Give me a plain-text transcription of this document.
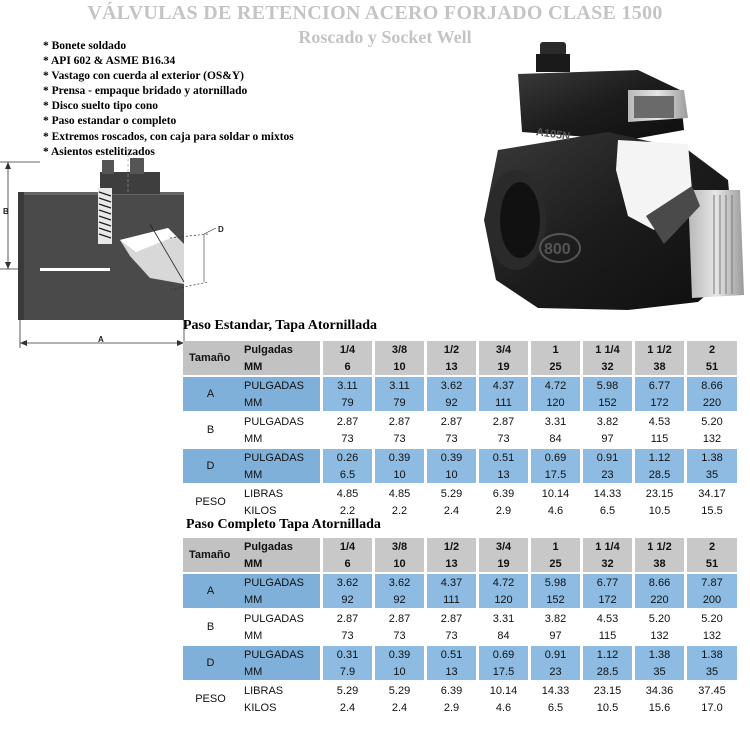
VÁLVULAS DE RETENCION ACERO FORJADO CLASE 1500
Roscado y Socket Well
* Bonete soldado
* API 602 & ASME B16.34
* Vastago con cuerda al exterior (OS&Y)
* Prensa - empaque bridado y atornillado
* Disco suelto tipo cono
* Paso estandar o completo
* Extremos roscados, con caja para soldar o mixtos
* Asientos estelitizados
B
D
A
800
A105N
Paso Estandar, Tapa Atornillada
Tamaño	Pulgadas	1/4	3/8	1/2	3/4	1	1 1/4	1 1/2	2
	MM	6	10	13	19	25	32	38	51

A	PULGADAS	3.11	3.11	3.62	4.37	4.72	5.98	6.77	8.66
	MM	79	79	92	111	120	152	172	220

B	PULGADAS	2.87	2.87	2.87	2.87	3.31	3.82	4.53	5.20
	MM	73	73	73	73	84	97	115	132

D	PULGADAS	0.26	0.39	0.39	0.51	0.69	0.91	1.12	1.38
	MM	6.5	10	10	13	17.5	23	28.5	35

PESO	LIBRAS	4.85	4.85	5.29	6.39	10.14	14.33	23.15	34.17
	KILOS	2.2	2.2	2.4	2.9	4.6	6.5	10.5	15.5
Paso Completo Tapa Atornillada
Tamaño	Pulgadas	1/4	3/8	1/2	3/4	1	1 1/4	1 1/2	2
	MM	6	10	13	19	25	32	38	51

A	PULGADAS	3.62	3.62	4.37	4.72	5.98	6.77	8.66	7.87
	MM	92	92	111	120	152	172	220	200

B	PULGADAS	2.87	2.87	2.87	3.31	3.82	4.53	5.20	5.20
	MM	73	73	73	84	97	115	132	132

D	PULGADAS	0.31	0.39	0.51	0.69	0.91	1.12	1.38	1.38
	MM	7.9	10	13	17.5	23	28.5	35	35

PESO	LIBRAS	5.29	5.29	6.39	10.14	14.33	23.15	34.36	37.45
	KILOS	2.4	2.4	2.9	4.6	6.5	10.5	15.6	17.0
